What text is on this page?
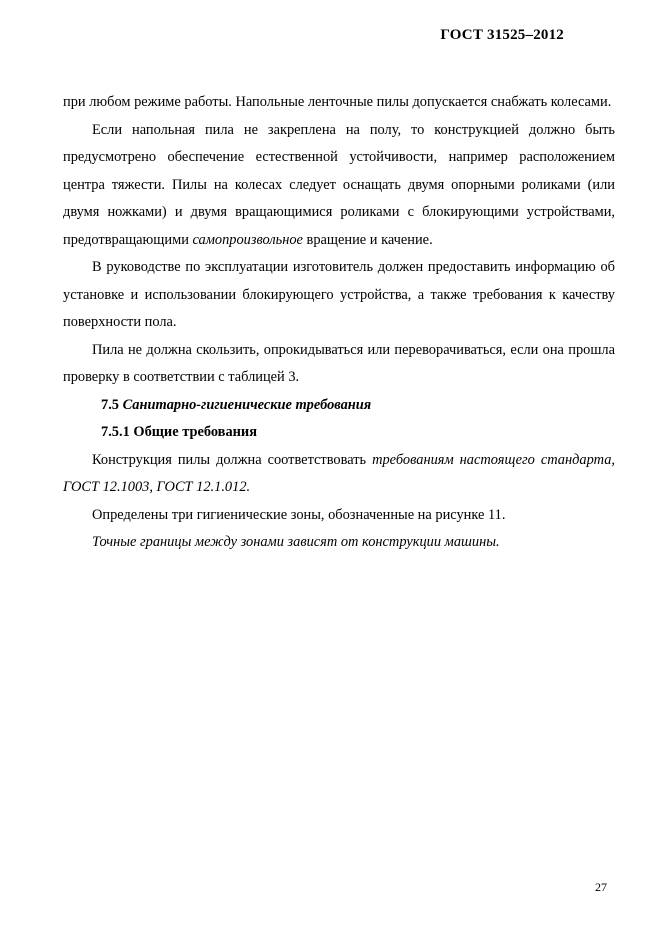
ГОСТ 31525–2012

при любом режиме работы. Напольные ленточные пилы допускается снабжать колесами.

Если напольная пила не закреплена на полу, то конструкцией должно быть предусмотрено обеспечение естественной устойчивости, например расположением центра тяжести. Пилы на колесах следует оснащать двумя опорными роликами (или двумя ножками) и двумя вращающимися роликами с блокирующими устройствами, предотвращающими самопроизвольное вращение и качение.

В руководстве по эксплуатации изготовитель должен предоставить информацию об установке и использовании блокирующего устройства, а также требования к качеству поверхности пола.

Пила не должна скользить, опрокидываться или переворачиваться, если она прошла проверку в соответствии с таблицей 3.

7.5 Санитарно-гигиенические требования

7.5.1 Общие требования

Конструкция пилы должна соответствовать требованиям настоящего стандарта, ГОСТ 12.1003, ГОСТ 12.1.012.

Определены три гигиенические зоны, обозначенные на рисунке 11.

Точные границы между зонами зависят от конструкции машины.

27
